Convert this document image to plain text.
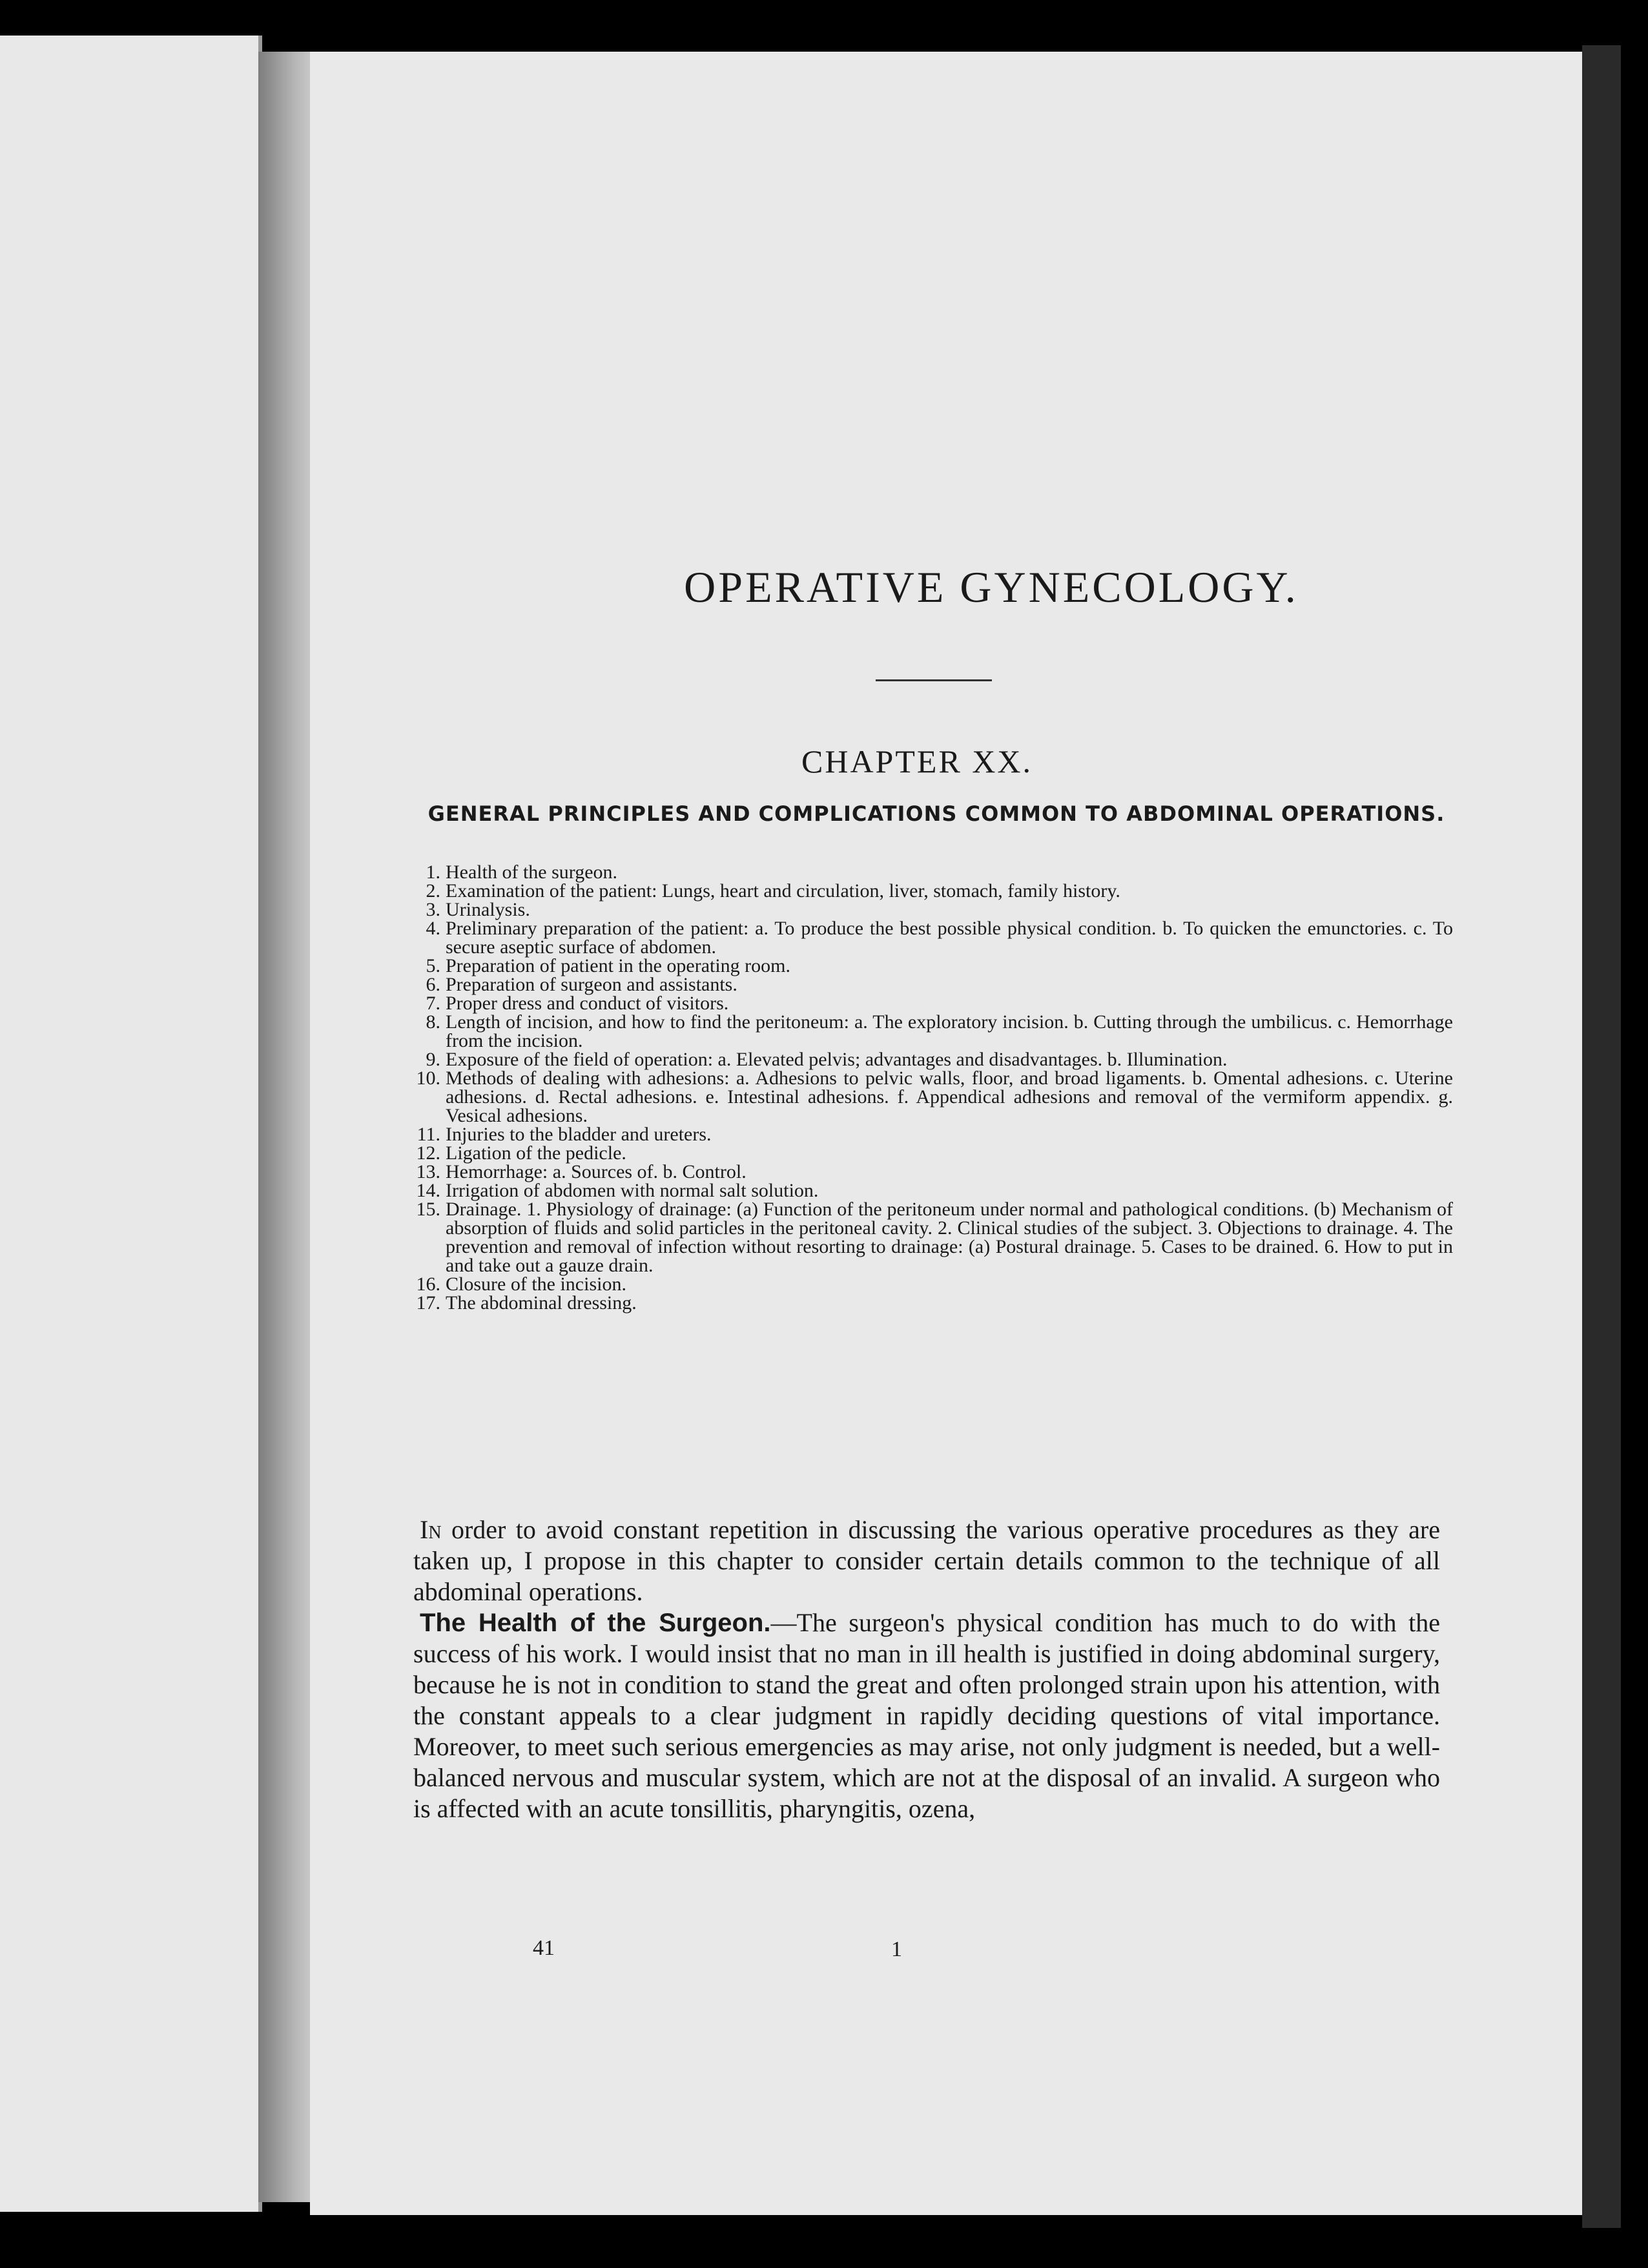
OPERATIVE GYNECOLOGY.
CHAPTER XX.
GENERAL PRINCIPLES AND COMPLICATIONS COMMON TO ABDOMINAL OPERATIONS.
1. Health of the surgeon.
2. Examination of the patient: Lungs, heart and circulation, liver, stomach, family history.
3. Urinalysis.
4. Preliminary preparation of the patient: a. To produce the best possible physical condition. b. To quicken the emunctories. c. To secure aseptic surface of abdomen.
5. Preparation of patient in the operating room.
6. Preparation of surgeon and assistants.
7. Proper dress and conduct of visitors.
8. Length of incision, and how to find the peritoneum: a. The exploratory incision. b. Cutting through the umbilicus. c. Hemorrhage from the incision.
9. Exposure of the field of operation: a. Elevated pelvis; advantages and disadvantages. b. Illumination.
10. Methods of dealing with adhesions: a. Adhesions to pelvic walls, floor, and broad ligaments. b. Omental adhesions. c. Uterine adhesions. d. Rectal adhesions. e. Intestinal adhesions. f. Appendical adhesions and removal of the vermiform appendix. g. Vesical adhesions.
11. Injuries to the bladder and ureters.
12. Ligation of the pedicle.
13. Hemorrhage: a. Sources of. b. Control.
14. Irrigation of abdomen with normal salt solution.
15. Drainage. 1. Physiology of drainage: (a) Function of the peritoneum under normal and pathological conditions. (b) Mechanism of absorption of fluids and solid particles in the peritoneal cavity. 2. Clinical studies of the subject. 3. Objections to drainage. 4. The prevention and removal of infection without resorting to drainage: (a) Postural drainage. 5. Cases to be drained. 6. How to put in and take out a gauze drain.
16. Closure of the incision.
17. The abdominal dressing.

In order to avoid constant repetition in discussing the various operative procedures as they are taken up, I propose in this chapter to consider certain details common to the technique of all abdominal operations.

The Health of the Surgeon.—The surgeon's physical condition has much to do with the success of his work. I would insist that no man in ill health is justified in doing abdominal surgery, because he is not in condition to stand the great and often prolonged strain upon his attention, with the constant appeals to a clear judgment in rapidly deciding questions of vital importance. Moreover, to meet such serious emergencies as may arise, not only judgment is needed, but a well-balanced nervous and muscular system, which are not at the disposal of an invalid. A surgeon who is affected with an acute tonsillitis, pharyngitis, ozena,

41	1
